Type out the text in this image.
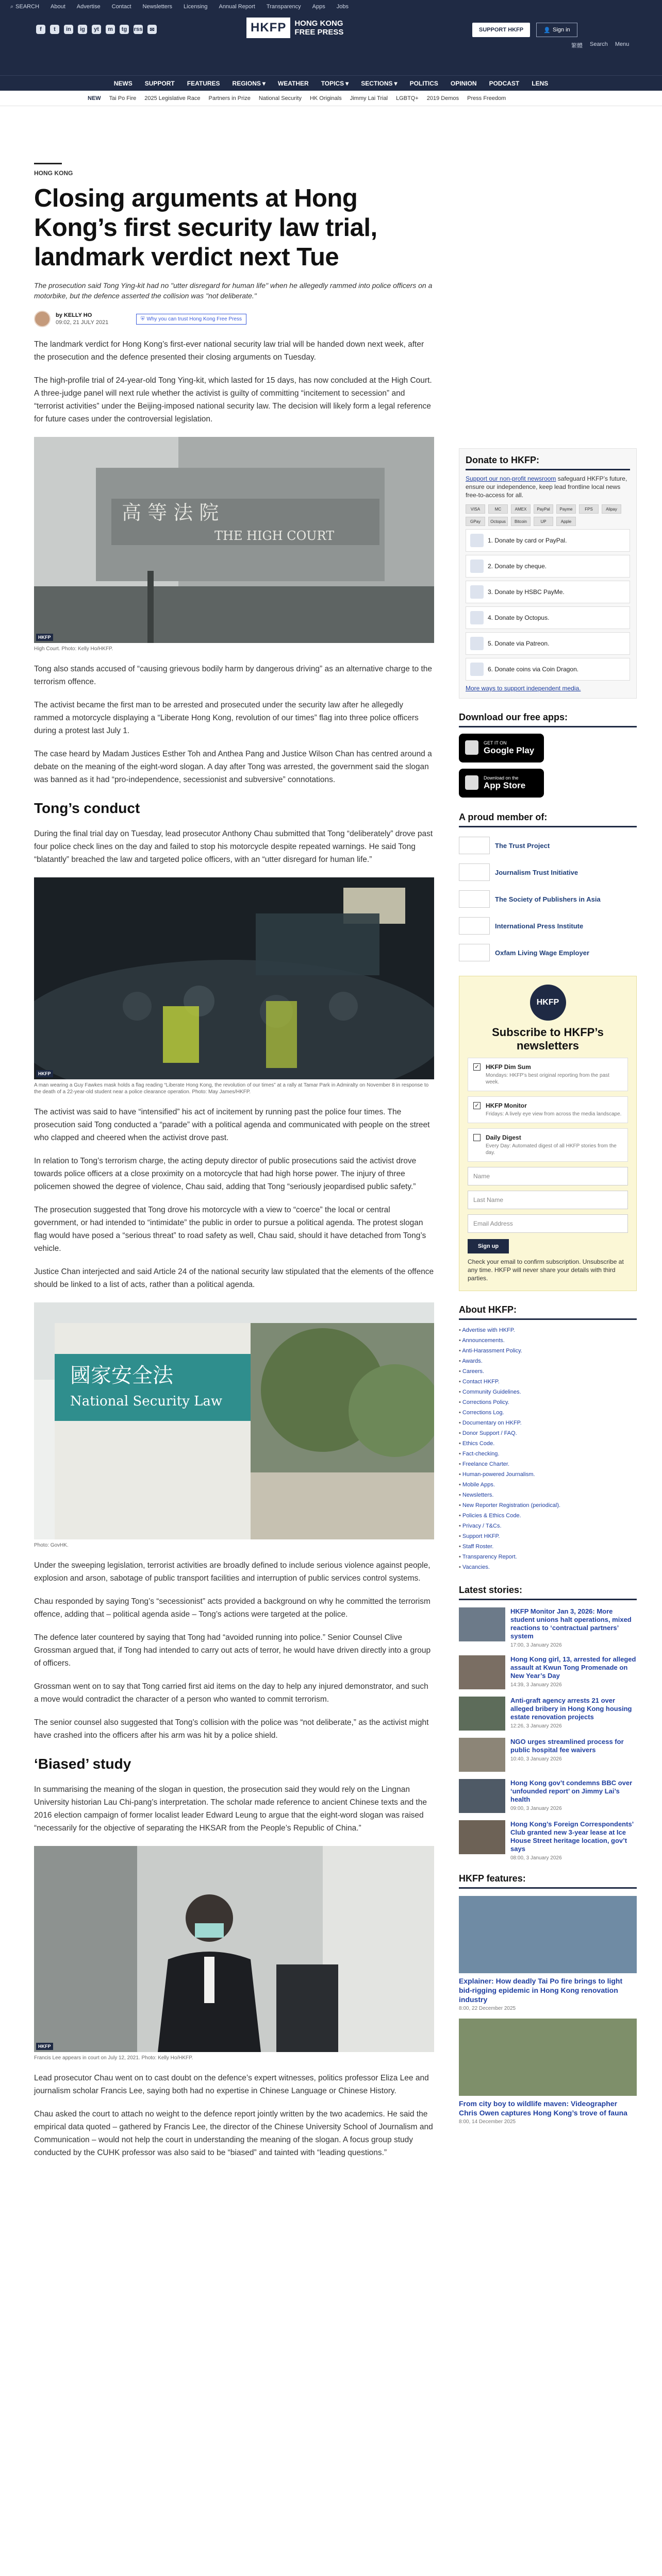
⌕ SEARCH About Advertise Contact Newsletters Licensing Annual Report Transparency Apps Jobs
f	t	in	ig	yt	m	tg	rss	✉	HKFP	HONG KONG
FREE PRESS	SUPPORT HKFP	👤 Sign in
繁體 Search Menu
NEWS SUPPORT FEATURES REGIONS ▾ WEATHER TOPICS ▾ SECTIONS ▾ POLITICS OPINION PODCAST LENS
NEW Tai Po Fire 2025 Legislative Race Partners in Prize National Security HK Originals Jimmy Lai Trial LGBTQ+ 2019 Demos Press Freedom
HONG KONG
Closing arguments at Hong Kong’s first security law trial, landmark verdict next Tue

The prosecution said Tong Ying-kit had no "utter disregard for human life" when he allegedly rammed into police officers on a motorbike, but the defence asserted the collision was "not deliberate."

by KELLY HO
09:02, 21 JULY 2021
⛨ Why you can trust Hong Kong Free Press

The landmark verdict for Hong Kong’s first-ever national security law trial will be handed down next week, after the prosecution and the defence presented their closing arguments on Tuesday.

The high-profile trial of 24-year-old Tong Ying-kit, which lasted for 15 days, has now concluded at the High Court. A three-judge panel will next rule whether the activist is guilty of committing “incitement to secession” and “terrorist activities” under the Beijing-imposed national security law. The decision will likely form a legal reference for future cases under the controversial legislation.

高 等 法 院
THE HIGH COURT
HKFP
High Court. Photo: Kelly Ho/HKFP.

Tong also stands accused of “causing grievous bodily harm by dangerous driving” as an alternative charge to the terrorism offence.

The activist became the first man to be arrested and prosecuted under the security law after he allegedly rammed a motorcycle displaying a “Liberate Hong Kong, revolution of our times” flag into three police officers during a protest last July 1.

The case heard by Madam Justices Esther Toh and Anthea Pang and Justice Wilson Chan has centred around a debate on the meaning of the eight-word slogan. A day after Tong was arrested, the government said the slogan was banned as it had “pro-independence, secessionist and subversive” connotations.

Tong’s conduct

During the final trial day on Tuesday, lead prosecutor Anthony Chau submitted that Tong “deliberately” drove past four police check lines on the day and failed to stop his motorcycle despite repeated warnings. He said Tong “blatantly” breached the law and targeted police officers, with an “utter disregard for human life.”

HKFP
A man wearing a Guy Fawkes mask holds a flag reading “Liberate Hong Kong, the revolution of our times” at a rally at Tamar Park in Admiralty on November 8 in response to the death of a 22-year-old student near a police clearance operation. Photo: May James/HKFP.

The activist was said to have “intensified” his act of incitement by running past the police four times. The prosecution said Tong conducted a “parade” with a political agenda and communicated with people on the street who clapped and cheered when the activist drove past.

In relation to Tong’s terrorism charge, the acting deputy director of public prosecutions said the activist drove towards police officers at a close proximity on a motorcycle that had high horse power. The injury of three policemen showed the degree of violence, Chau said, adding that Tong “seriously jeopardised public safety.”

The prosecution suggested that Tong drove his motorcycle with a view to “coerce” the local or central government, or had intended to “intimidate” the public in order to pursue a political agenda. The protest slogan flag would have posed a “serious threat” to road safety as well, Chau said, should it have detached from Tong’s vehicle.

Justice Chan interjected and said Article 24 of the national security law stipulated that the elements of the offence should be linked to a list of acts, rather than a political agenda.

國家安全法
National Security Law
Photo: GovHK.

Under the sweeping legislation, terrorist activities are broadly defined to include serious violence against people, explosion and arson, sabotage of public transport facilities and interruption of public services control systems.

Chau responded by saying Tong’s “secessionist” acts provided a background on why he committed the terrorism offence, adding that – political agenda aside – Tong’s actions were targeted at the police.

The defence later countered by saying that Tong had “avoided running into police.” Senior Counsel Clive Grossman argued that, if Tong had intended to carry out acts of terror, he would have driven directly into a group of officers.

Grossman went on to say that Tong carried first aid items on the day to help any injured demonstrator, and such a move would contradict the character of a person who wanted to commit terrorism.

The senior counsel also suggested that Tong’s collision with the police was “not deliberate,” as the activist might have crashed into the officers after his arm was hit by a police shield.

‘Biased’ study

In summarising the meaning of the slogan in question, the prosecution said they would rely on the Lingnan University historian Lau Chi-pang’s interpretation. The scholar made reference to ancient Chinese texts and the 2016 election campaign of former localist leader Edward Leung to argue that the eight-word slogan was raised “necessarily for the objective of separating the HKSAR from the People’s Republic of China.”

HKFP
Francis Lee appears in court on July 12, 2021. Photo: Kelly Ho/HKFP.

Lead prosecutor Chau went on to cast doubt on the defence’s expert witnesses, politics professor Eliza Lee and journalism scholar Francis Lee, saying both had no expertise in Chinese Language or Chinese History.

Chau asked the court to attach no weight to the defence report jointly written by the two academics. He said the empirical data quoted – gathered by Francis Lee, the director of the Chinese University School of Journalism and Communication – would not help the court in understanding the meaning of the slogan. A focus group study conducted by the CUHK professor was also said to be “biased” and tainted with “leading questions.”

Donate to HKFP:
Support our non-profit newsroom safeguard HKFP’s future, ensure our independence, keep lead frontline local news free-to-access for all.
VISA	MC	AMEX	PayPal	Payme	FPS	Alipay
GPay	Octopus	Bitcoin	UP	Apple
1. Donate by card or PayPal.
2. Donate by cheque.
3. Donate by HSBC PayMe.
4. Donate by Octopus.
5. Donate via Patreon.
6. Donate coins via Coin Dragon.
More ways to support independent media.
Download our free apps:
GET IT ON
Google Play
Download on the
App Store
A proud member of:
The Trust Project
Journalism Trust Initiative
The Society of Publishers in Asia
International Press Institute
Oxfam Living Wage Employer
HKFP
Subscribe to HKFP’s newsletters
✓ HKFP Dim Sum
Mondays: HKFP’s best original reporting from the past week.
✓ HKFP Monitor
Fridays: A lively eye view from across the media landscape.
Daily Digest
Every Day: Automated digest of all HKFP stories from the day.
Name
Last Name
Email Address
Sign up
Check your email to confirm subscription. Unsubscribe at any time. HKFP will never share your details with third parties.
About HKFP:
• Advertise with HKFP.
• Announcements.
• Anti-Harassment Policy.
• Awards.
• Careers.
• Contact HKFP.
• Community Guidelines.
• Corrections Policy.
• Corrections Log.
• Documentary on HKFP.
• Donor Support / FAQ.
• Ethics Code.
• Fact-checking.
• Freelance Charter.
• Human-powered Journalism.
• Mobile Apps.
• Newsletters.
• New Reporter Registration (periodical).
• Policies & Ethics Code.
• Privacy / T&Cs.
• Support HKFP.
• Staff Roster.
• Transparency Report.
• Vacancies.
Latest stories:
HKFP Monitor Jan 3, 2026: More student unions halt operations, mixed reactions to ‘contractual partners’ system
17:00, 3 January 2026
Hong Kong girl, 13, arrested for alleged assault at Kwun Tong Promenade on New Year’s Day
14:39, 3 January 2026
Anti-graft agency arrests 21 over alleged bribery in Hong Kong housing estate renovation projects
12:26, 3 January 2026
NGO urges streamlined process for public hospital fee waivers
10:40, 3 January 2026
Hong Kong gov’t condemns BBC over ‘unfounded report’ on Jimmy Lai’s health
09:00, 3 January 2026
Hong Kong’s Foreign Correspondents’ Club granted new 3-year lease at Ice House Street heritage location, gov’t says
08:00, 3 January 2026
HKFP features:
Explainer: How deadly Tai Po fire brings to light bid-rigging epidemic in Hong Kong renovation industry
8:00, 22 December 2025
From city boy to wildlife maven: Videographer Chris Owen captures Hong Kong’s trove of fauna
8:00, 14 December 2025
